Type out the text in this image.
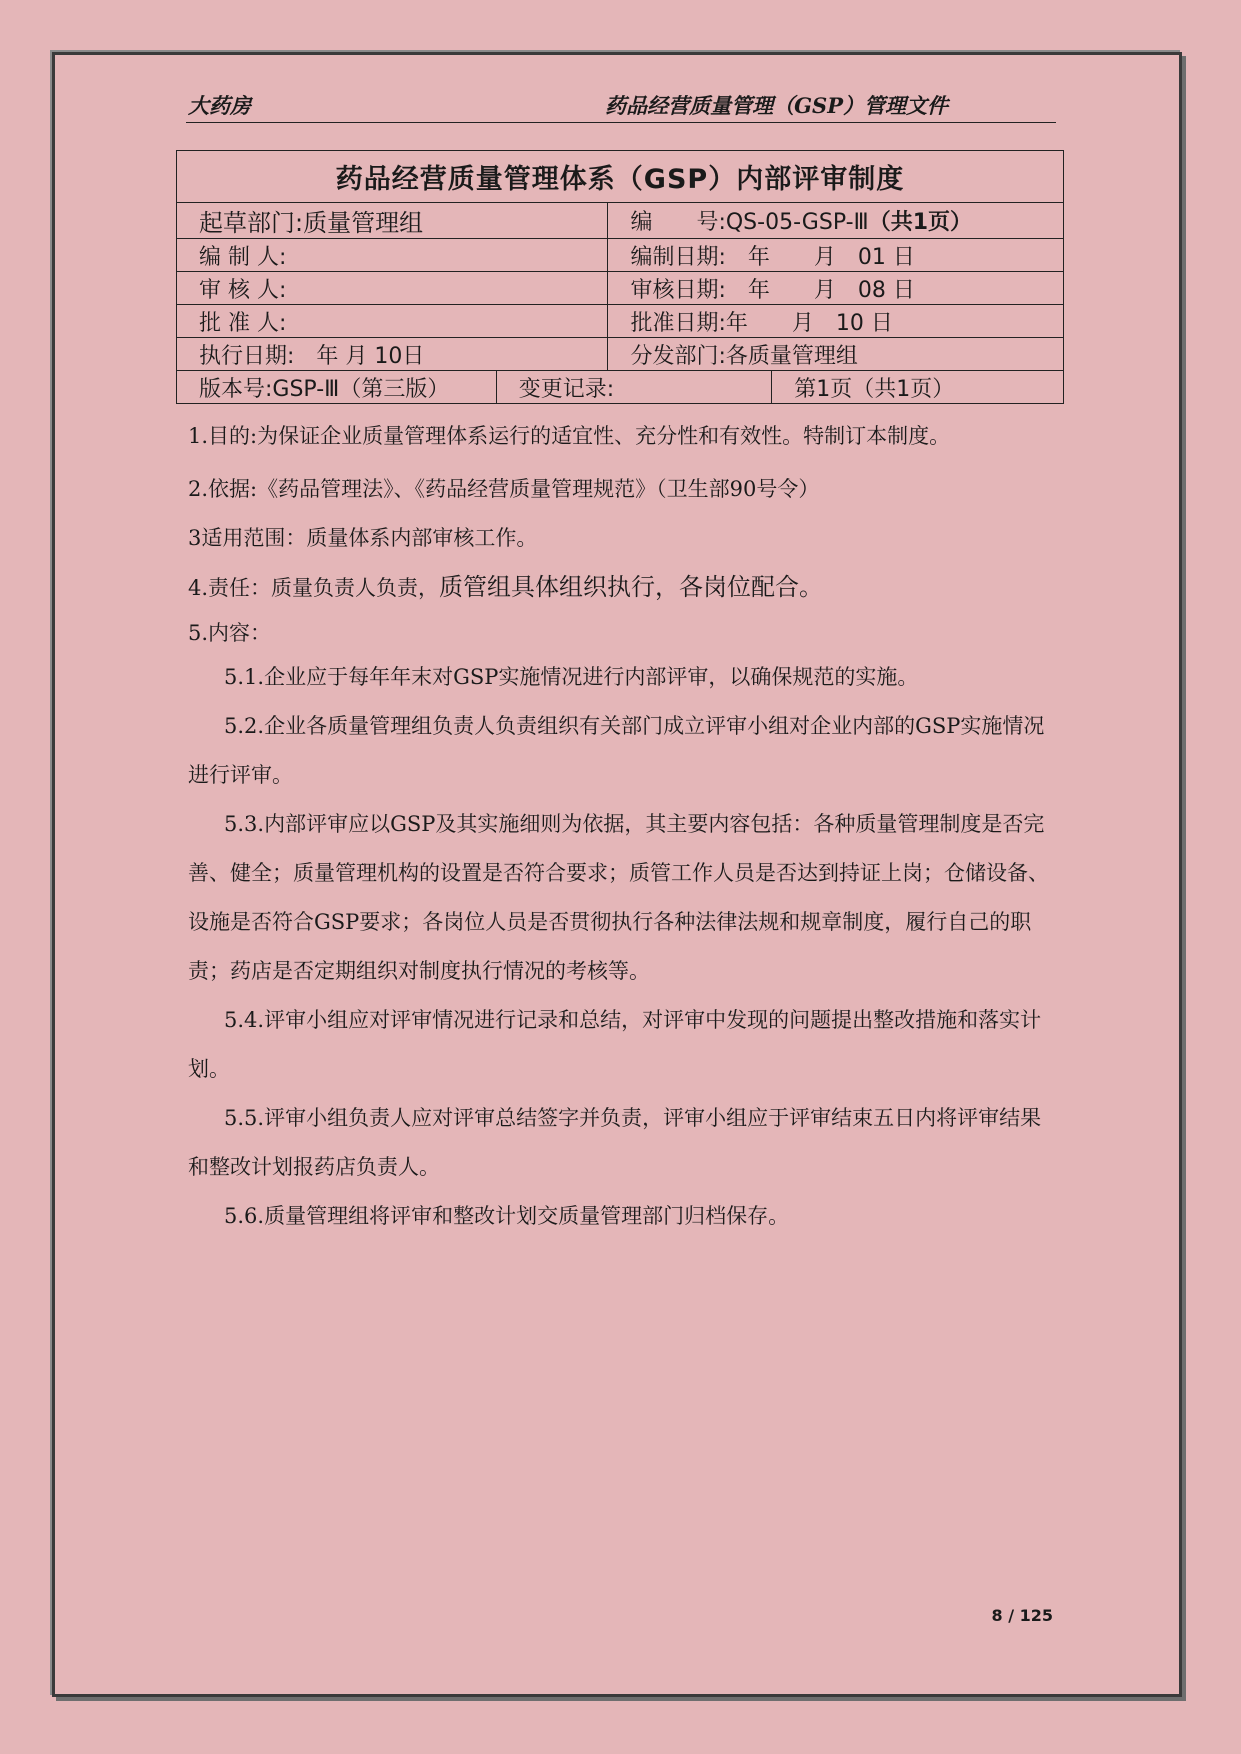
大药房	药品经营质量管理（GSP）管理文件
药品经营质量管理体系（GSP）内部评审制度			
起草部门:质量管理组		编　　号:QS-05-GSP-Ⅲ（共1页）	
编 制 人:		编制日期:　年　　月　01 日	
审 核 人:		审核日期:　年　　月　08 日	
批 准 人:		批准日期:年　　月　10 日	
执行日期:　年 月 10日		分发部门:各质量管理组	
版本号:GSP-Ⅲ（第三版）	变更记录:		第1页（共1页）

1.目的:为保证企业质量管理体系运行的适宜性、充分性和有效性。特制订本制度。

2.依据:《药品管理法》、《药品经营质量管理规范》（卫生部90号令）

3适用范围：质量体系内部审核工作。

4.责任：质量负责人负责，质管组具体组织执行，各岗位配合。

5.内容：

5.1.企业应于每年年末对GSP实施情况进行内部评审，以确保规范的实施。

5.2.企业各质量管理组负责人负责组织有关部门成立评审小组对企业内部的GSP实施情况进行评审。

5.3.内部评审应以GSP及其实施细则为依据，其主要内容包括：各种质量管理制度是否完善、健全；质量管理机构的设置是否符合要求；质管工作人员是否达到持证上岗；仓储设备、设施是否符合GSP要求；各岗位人员是否贯彻执行各种法律法规和规章制度，履行自己的职责；药店是否定期组织对制度执行情况的考核等。

5.4.评审小组应对评审情况进行记录和总结，对评审中发现的问题提出整改措施和落实计划。

5.5.评审小组负责人应对评审总结签字并负责，评审小组应于评审结束五日内将评审结果和整改计划报药店负责人。

5.6.质量管理组将评审和整改计划交质量管理部门归档保存。

8 / 125
